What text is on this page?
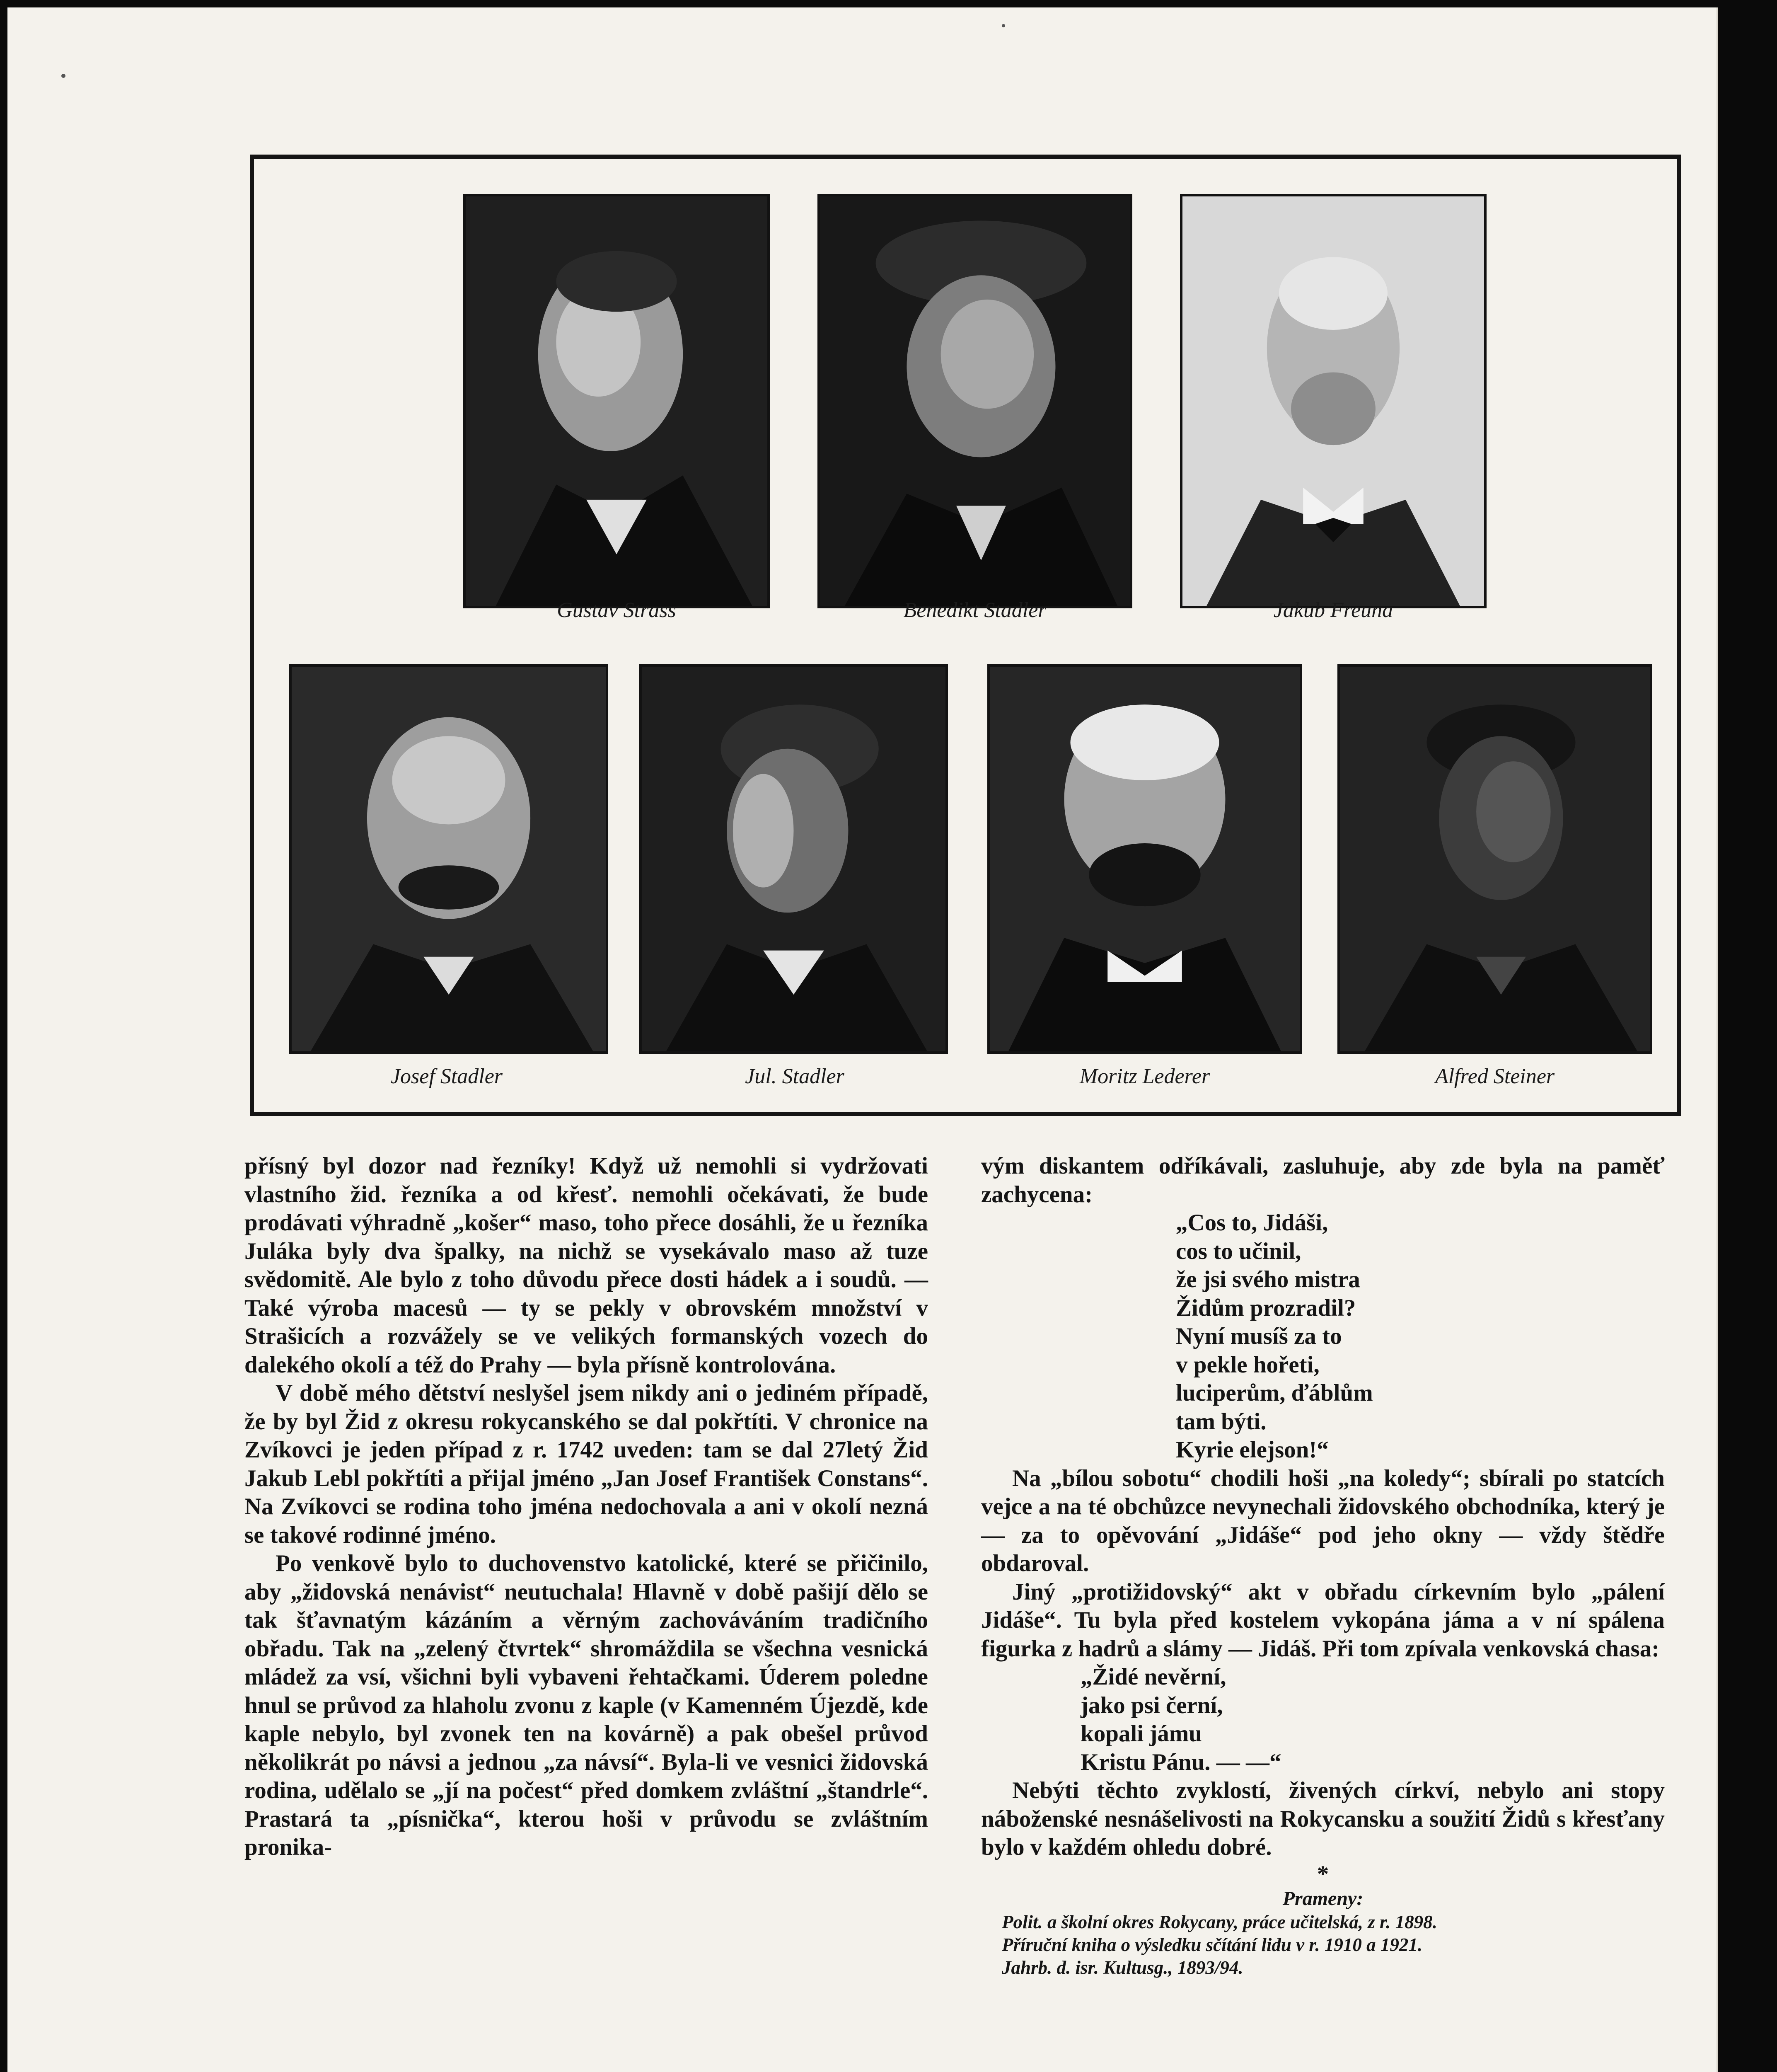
Gustav Strass	Benedikt Stadler	Jakub Freuna
Josef Stadler	Jul. Stadler	Moritz Lederer	Alfred Steiner

přísný byl dozor nad řezníky! Když už nemohli si vydržovati vlastního žid. řezníka a od křesť. nemohli očekávati, že bude prodávati výhradně „košer“ maso, toho přece dosáhli, že u řezníka Juláka byly dva špalky, na nichž se vysekávalo maso až tuze svědomitě. Ale bylo z toho důvodu přece dosti hádek a i soudů. — Také výroba macesů — ty se pekly v obrovském množství v Strašicích a rozvážely se ve velikých formanských vozech do dalekého okolí a též do Prahy — byla přísně kontrolována.

V době mého dětství neslyšel jsem nikdy ani o jediném případě, že by byl Žid z okresu rokycanského se dal pokřtíti. V chronice na Zvíkovci je jeden případ z r. 1742 uveden: tam se dal 27letý Žid Jakub Lebl pokřtíti a přijal jméno „Jan Josef František Constans“. Na Zvíkovci se rodina toho jména nedochovala a ani v okolí nezná se takové rodinné jméno.

Po venkově bylo to duchovenstvo katolické, které se přičinilo, aby „židovská nenávist“ neutuchala! Hlavně v době pašijí dělo se tak šťavnatým kázáním a věrným zachováváním tradičního obřadu. Tak na „zelený čtvrtek“ shromáždila se všechna vesnická mládež za vsí, všichni byli vybaveni řehtačkami. Úderem poledne hnul se průvod za hlaholu zvonu z kaple (v Kamenném Újezdě, kde kaple nebylo, byl zvonek ten na kovárně) a pak obešel průvod několikrát po návsi a jednou „za návsí“. Byla-li ve vesnici židovská rodina, udělalo se „jí na počest“ před domkem zvláštní „štandrle“. Prastará ta „písnička“, kterou hoši v průvodu se zvláštním pronika-

vým diskantem odříkávali, zasluhuje, aby zde byla na paměť zachycena:

„Cos to, Jidáši,
cos to učinil,
že jsi svého mistra
Židům prozradil?
Nyní musíš za to
v pekle hořeti,
luciperům, ďáblům
tam býti.
Kyrie elejson!“

Na „bílou sobotu“ chodili hoši „na koledy“; sbírali po statcích vejce a na té obchůzce nevynechali židovského obchodníka, který je — za to opěvování „Jidáše“ pod jeho okny — vždy štědře obdaroval.

Jiný „protižidovský“ akt v obřadu církevním bylo „pálení Jidáše“. Tu byla před kostelem vykopána jáma a v ní spálena figurka z hadrů a slámy — Jidáš. Při tom zpívala venkovská chasa:

„Židé nevěrní,
jako psi černí,
kopali jámu
Kristu Pánu. — —“

Nebýti těchto zvyklostí, živených církví, nebylo ani stopy náboženské nesnášelivosti na Rokycansku a soužití Židů s křesťany bylo v každém ohledu dobré.

*

Prameny:

Polit. a školní okres Rokycany, práce učitelská, z r. 1898.

Příruční kniha o výsledku sčítání lidu v r. 1910 a 1921.

Jahrb. d. isr. Kultusg., 1893/94.
